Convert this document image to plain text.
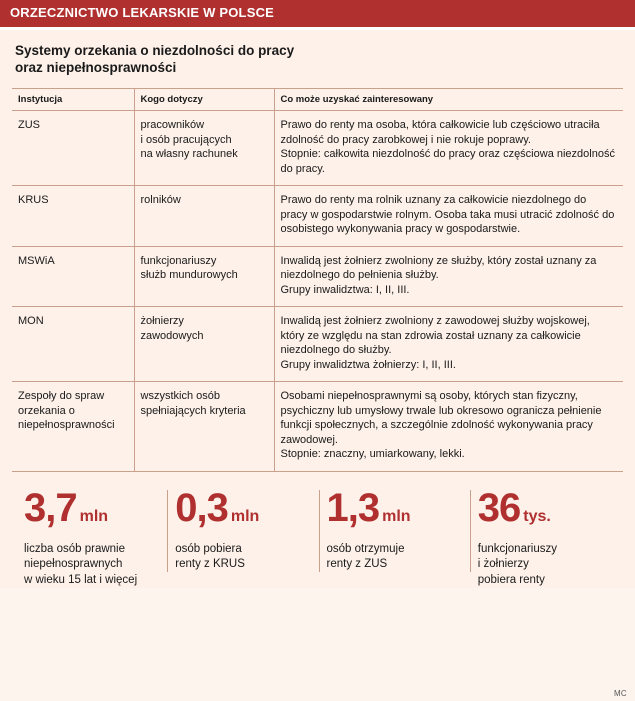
ORZECZNICTWO LEKARSKIE W POLSCE
Systemy orzekania o niezdolności do pracy
oraz niepełnosprawności
Instytucja	Kogo dotyczy	Co może uzyskać zainteresowany
ZUS	pracowników
i osób pracujących
na własny rachunek	Prawo do renty ma osoba, która całkowicie lub częściowo utraciła zdolność do pracy zarobkowej i nie rokuje poprawy.
Stopnie: całkowita niezdolność do pracy oraz częściowa niezdolność do pracy.
KRUS	rolników	Prawo do renty ma rolnik uznany za całkowicie niezdolnego do pracy w gospodarstwie rolnym. Osoba taka musi utracić zdolność do osobistego wykonywania pracy w gospodarstwie.
MSWiA	funkcjonariuszy
służb mundurowych	Inwalidą jest żołnierz zwolniony ze służby, który został uznany za niezdolnego do pełnienia służby.
Grupy inwalidztwa: I, II, III.
MON	żołnierzy
zawodowych	Inwalidą jest żołnierz zwolniony z zawodowej służby wojskowej, który ze względu na stan zdrowia został uznany za całkowicie niezdolnego do służby.
Grupy inwalidztwa żołnierzy: I, II, III.
Zespoły do spraw orzekania o niepełnosprawności	wszystkich osób
spełniających kryteria	Osobami niepełnosprawnymi są osoby, których stan fizyczny, psychiczny lub umysłowy trwale lub okresowo ogranicza pełnienie funkcji społecznych, a szczególnie zdolność wykonywania pracy zawodowej.
Stopnie: znaczny, umiarkowany, lekki.
3,7 mln
liczba osób prawnie niepełnosprawnych
w wieku 15 lat i więcej
0,3 mln
osób pobiera
renty z KRUS
1,3 mln
osób otrzymuje
renty z ZUS
36 tys.
funkcjonariuszy
i żołnierzy
pobiera renty
MC
